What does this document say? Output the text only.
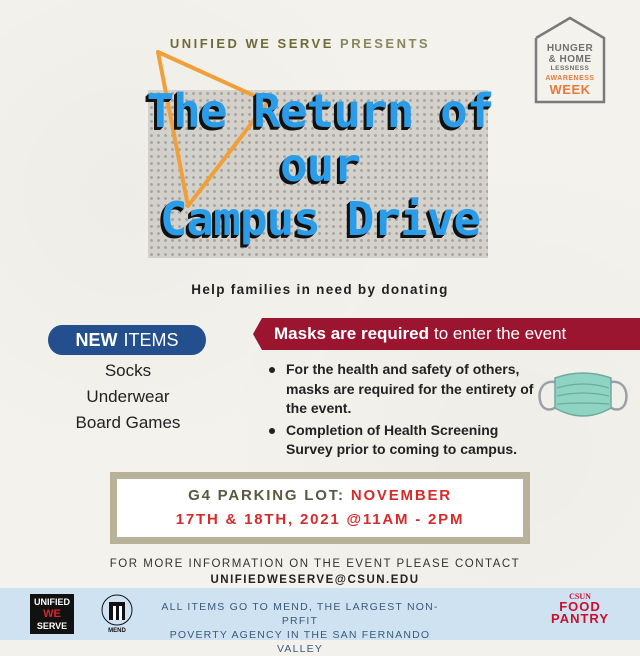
UNIFIED WE SERVE PRESENTS	HUNGER
& HOME
LESSNESS
AWARENESS
WEEK
The Return of
our
Campus Drive
Help families in need by donating
NEW ITEMS
Socks
Underwear
Board Games
Masks are required to enter the event
For the health and safety of others, masks are required for the entirety of the event.
Completion of Health Screening Survey prior to coming to campus.
G4 PARKING LOT: NOVEMBER
17TH & 18TH, 2021 @11AM - 2PM
FOR MORE INFORMATION ON THE EVENT PLEASE CONTACT
UNIFIEDWESERVE@CSUN.EDU
UNIFIED
WE
SERVE	MEND
ALL ITEMS GO TO MEND, THE LARGEST NON-PRFIT
POVERTY AGENCY IN THE SAN FERNANDO VALLEY
CSUN
FOOD
PANTRY
